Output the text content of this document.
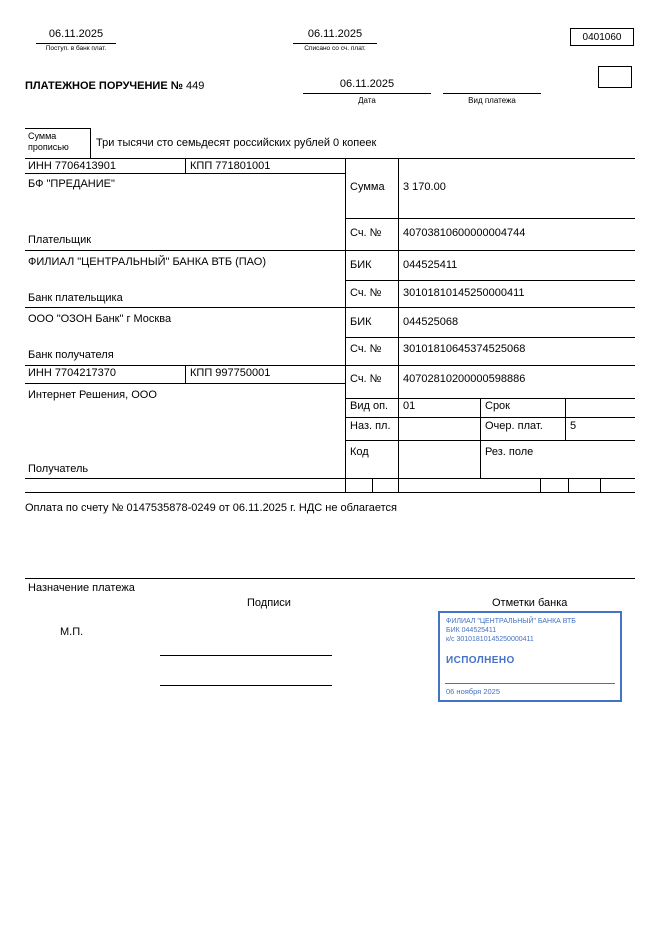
06.11.2025
Поступ. в банк плат.
06.11.2025
Списано со сч. плат.
0401060
ПЛАТЕЖНОЕ ПОРУЧЕНИЕ № 449	06.11.2025
Дата
	Вид платежа
Сумма прописью	Три тысячи сто семьдесят российских рублей 0 копеек
ИНН 7706413901	КПП 771801001
Сумма 3 170.00
БФ "ПРЕДАНИЕ"
Плательщик
Сч. № 40703810600000004744
ФИЛИАЛ "ЦЕНТРАЛЬНЫЙ" БАНКА ВТБ (ПАО)	БИК	044525411
Банк плательщика	Сч. № 30101810145250000411
ООО "ОЗОН Банк" г Москва	БИК	044525068
Банк получателя	Сч. № 30101810645374525068
ИНН 7704217370	КПП 997750001	Сч. № 40702810200000598886
Интернет Решения, ООО
Получатель
Вид оп. 01	Срок
Наз. пл.	Очер. плат. 5
Код	Рез. поле
Оплата по счету № 0147535878-0249 от 06.11.2025 г. НДС не облагается
Назначение платежа
Подписи	Отметки банка
М.П.
ФИЛИАЛ "ЦЕНТРАЛЬНЫЙ" БАНКА ВТБ
БИК 044525411
к/с 30101810145250000411
ИСПОЛНЕНО
06 ноября 2025
